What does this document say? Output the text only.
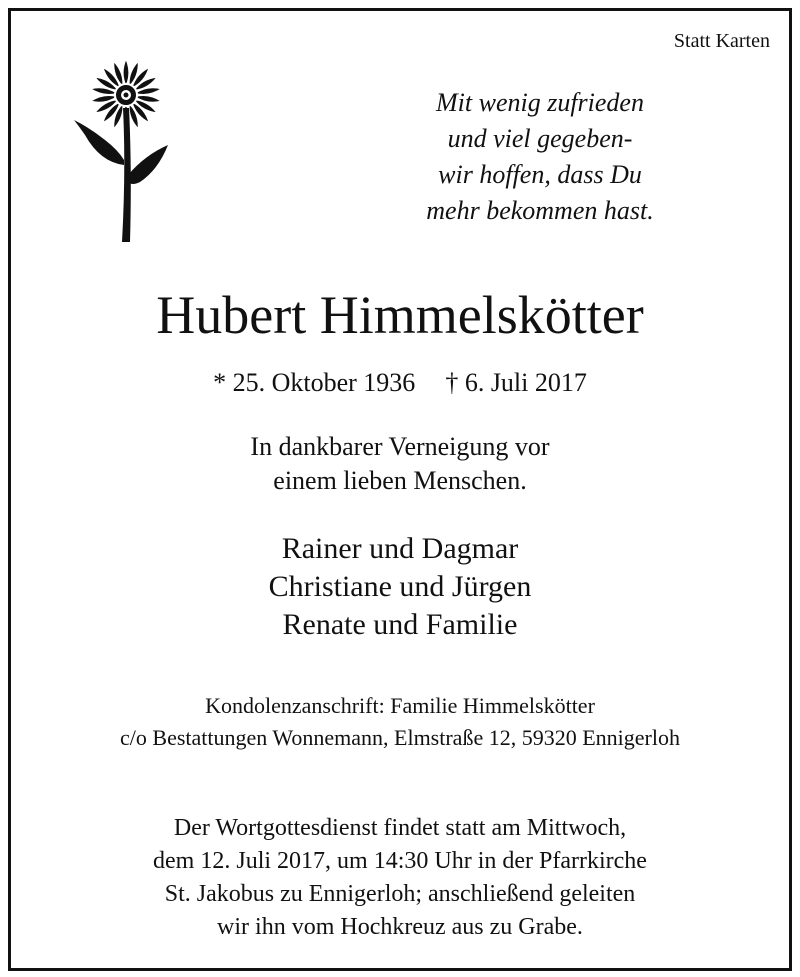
Statt Karten
Mit wenig zufrieden
und viel gegeben-
wir hoffen, dass Du
mehr bekommen hast.
Hubert Himmelskötter
* 25. Oktober 1936 † 6. Juli 2017
In dankbarer Verneigung vor
einem lieben Menschen.
Rainer und Dagmar
Christiane und Jürgen
Renate und Familie
Kondolenzanschrift: Familie Himmelskötter
c/o Bestattungen Wonnemann, Elmstraße 12, 59320 Ennigerloh
Der Wortgottesdienst findet statt am Mittwoch,
dem 12. Juli 2017, um 14:30 Uhr in der Pfarrkirche
St. Jakobus zu Ennigerloh; anschließend geleiten
wir ihn vom Hochkreuz aus zu Grabe.
